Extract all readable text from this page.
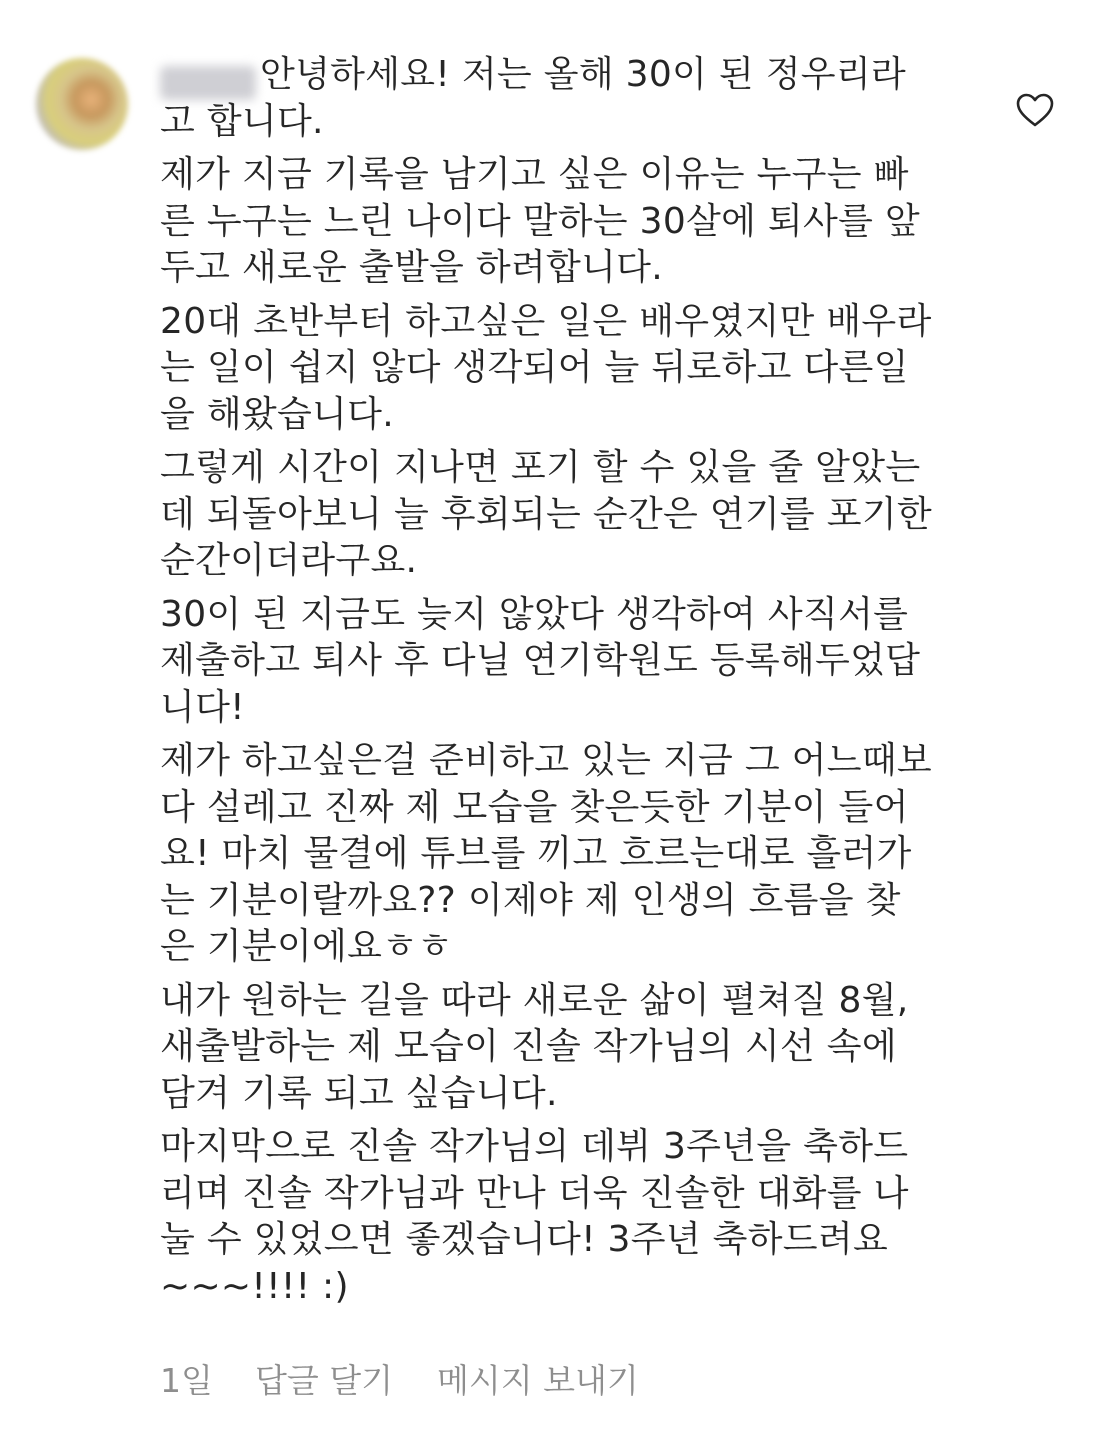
안녕하세요! 저는 올해 30이 된 정우리라
고 합니다.

제가 지금 기록을 남기고 싶은 이유는 누구는 빠
른 누구는 느린 나이다 말하는 30살에 퇴사를 앞
두고 새로운 출발을 하려합니다.

20대 초반부터 하고싶은 일은 배우였지만 배우라
는 일이 쉽지 않다 생각되어 늘 뒤로하고 다른일
을 해왔습니다.

그렇게 시간이 지나면 포기 할 수 있을 줄 알았는
데 되돌아보니 늘 후회되는 순간은 연기를 포기한
순간이더라구요.

30이 된 지금도 늦지 않았다 생각하여 사직서를
제출하고 퇴사 후 다닐 연기학원도 등록해두었답
니다!

제가 하고싶은걸 준비하고 있는 지금 그 어느때보
다 설레고 진짜 제 모습을 찾은듯한 기분이 들어
요! 마치 물결에 튜브를 끼고 흐르는대로 흘러가
는 기분이랄까요?? 이제야 제 인생의 흐름을 찾
은 기분이에요ㅎㅎ

내가 원하는 길을 따라 새로운 삶이 펼쳐질 8월,
새출발하는 제 모습이 진솔 작가님의 시선 속에
담겨 기록 되고 싶습니다.

마지막으로 진솔 작가님의 데뷔 3주년을 축하드
리며 진솔 작가님과 만나 더욱 진솔한 대화를 나
눌 수 있었으면 좋겠습니다! 3주년 축하드려요
~~~!!!! :)

1일	답글 달기	메시지 보내기
